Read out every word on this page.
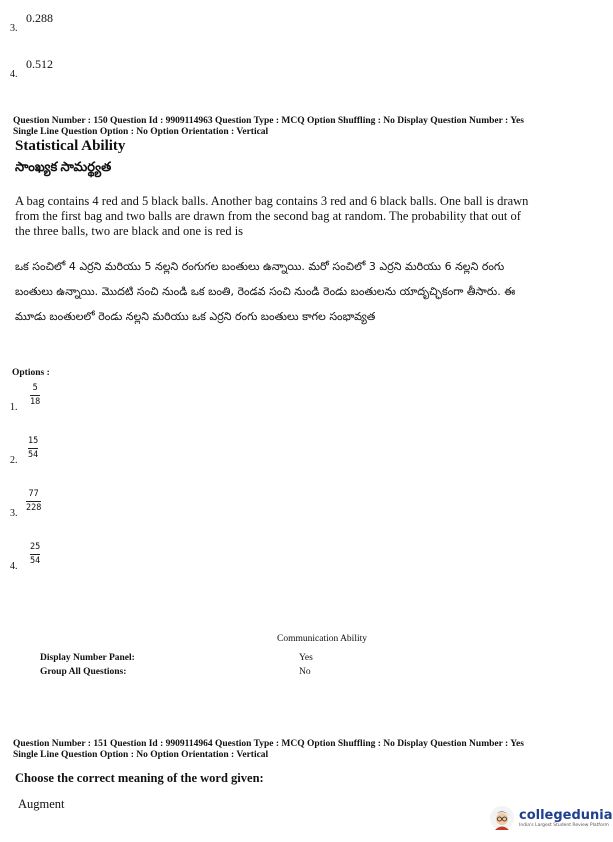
3.
0.288
4.
0.512
Question Number : 150 Question Id : 9909114963 Question Type : MCQ Option Shuffling : No Display Question Number : Yes
Single Line Question Option : No Option Orientation : Vertical
Statistical Ability
సాంఖ్యక సామర్థ్యత
A bag contains 4 red and 5 black balls. Another bag contains 3 red and 6 black balls. One ball is drawn from the first bag and two balls are drawn from the second bag at random. The probability that out of the three balls, two are black and one is red is
ఒక సంచిలో 4 ఎర్రని మరియు 5 నల్లని రంగుగల బంతులు ఉన్నాయి. మరో సంచిలో 3 ఎర్రని మరియు 6 నల్లని రంగు బంతులు ఉన్నాయి. మొదటి సంచి నుండి ఒక బంతి, రెండవ సంచి నుండి రెండు బంతులను యాదృచ్ఛికంగా తీసారు. ఈ మూడు బంతులలో రెండు నల్లని మరియు ఒక ఎర్రని రంగు బంతులు కాగల సంభావ్యత
Options :
1.
5
18
2.
15
54
3.
77
228
4.
25
54
Communication Ability
Display Number Panel:	Yes
Group All Questions:	No
Question Number : 151 Question Id : 9909114964 Question Type : MCQ Option Shuffling : No Display Question Number : Yes
Single Line Question Option : No Option Orientation : Vertical
Choose the correct meaning of the word given:
Augment
collegedunia
India's Largest Student Review Platform
